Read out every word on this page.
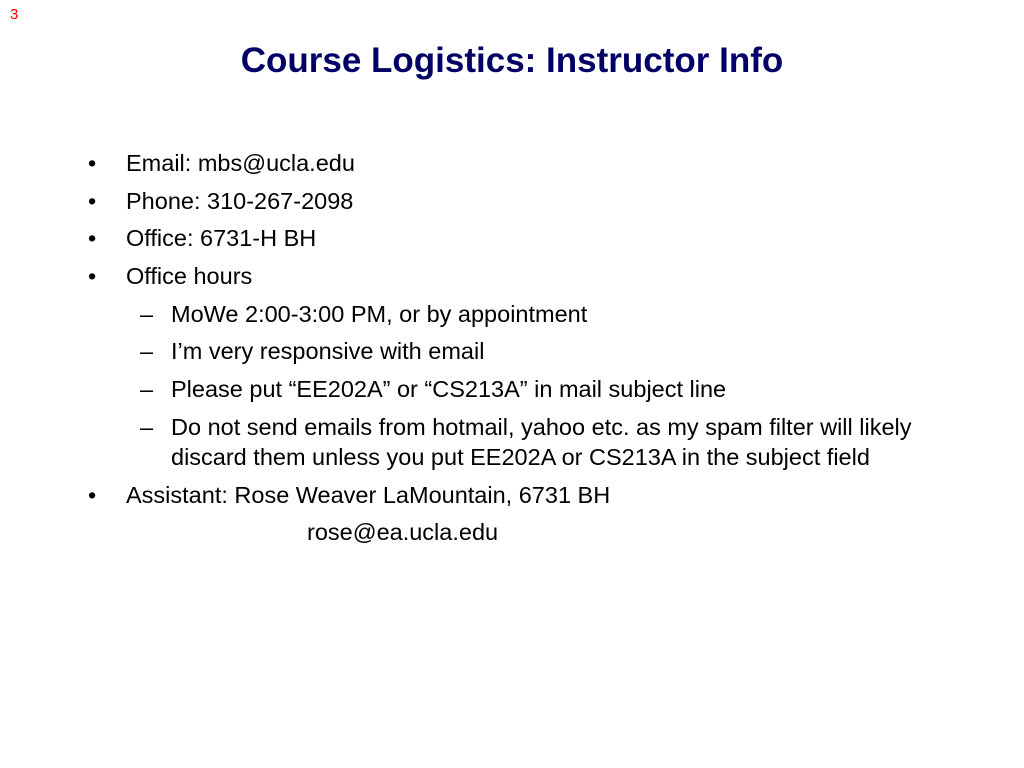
3
Course Logistics: Instructor Info
• Email: mbs@ucla.edu
• Phone: 310-267-2098
• Office: 6731-H BH
• Office hours
– MoWe 2:00-3:00 PM, or by appointment
– I’m very responsive with email
– Please put “EE202A” or “CS213A” in mail subject line
– Do not send emails from hotmail, yahoo etc. as my spam filter will likely discard them unless you put EE202A or CS213A in the subject field
• Assistant: Rose Weaver LaMountain, 6731 BH
rose@ea.ucla.edu
